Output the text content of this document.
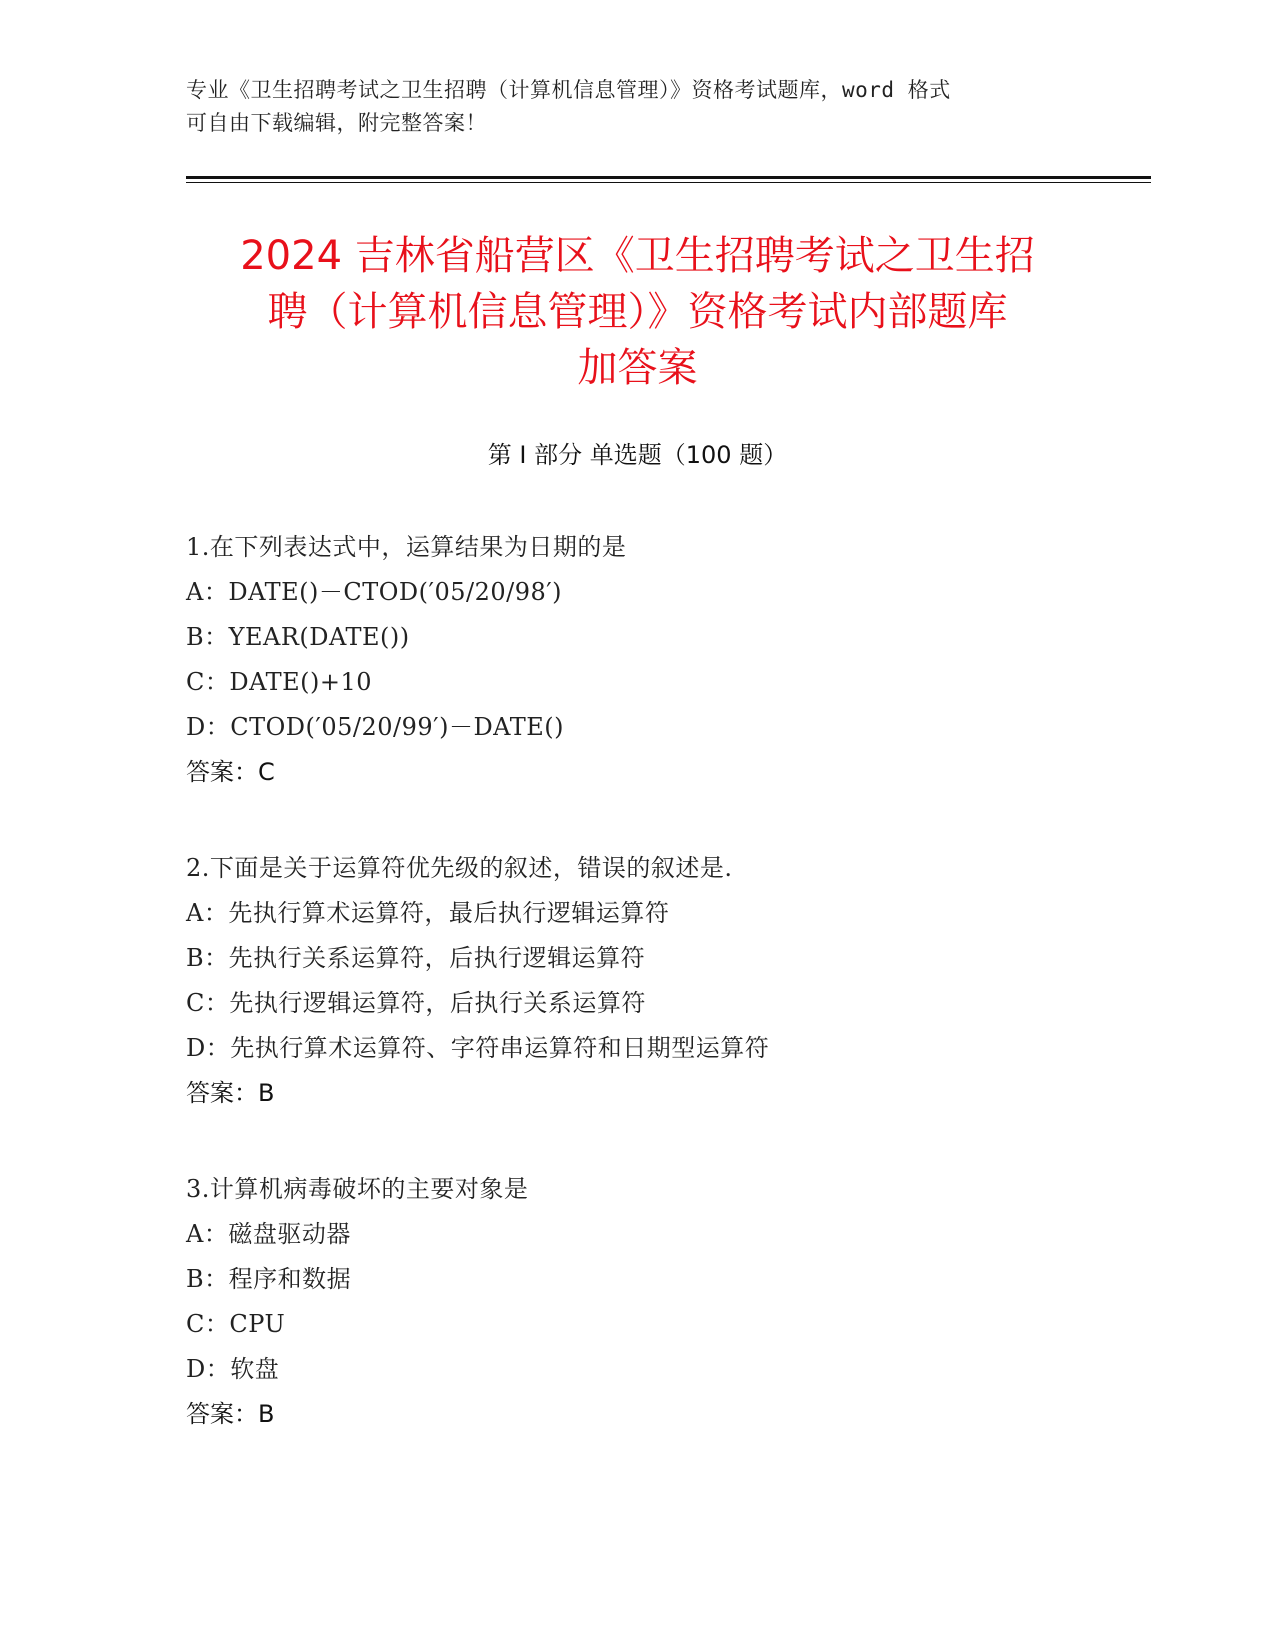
专业《卫生招聘考试之卫生招聘（计算机信息管理）》资格考试题库，word 格式
可自由下载编辑，附完整答案！
2024 吉林省船营区《卫生招聘考试之卫生招
聘（计算机信息管理）》资格考试内部题库
加答案
第 I 部分 单选题（100 题）
1.在下列表达式中，运算结果为日期的是
A：DATE()－CTOD(′05/20/98′)
B：YEAR(DATE())
C：DATE()+10
D：CTOD(′05/20/99′)－DATE()
答案：C
2.下面是关于运算符优先级的叙述，错误的叙述是.
A：先执行算术运算符，最后执行逻辑运算符
B：先执行关系运算符，后执行逻辑运算符
C：先执行逻辑运算符，后执行关系运算符
D：先执行算术运算符、字符串运算符和日期型运算符
答案：B
3.计算机病毒破坏的主要对象是
A：磁盘驱动器
B：程序和数据
C：CPU
D：软盘
答案：B
